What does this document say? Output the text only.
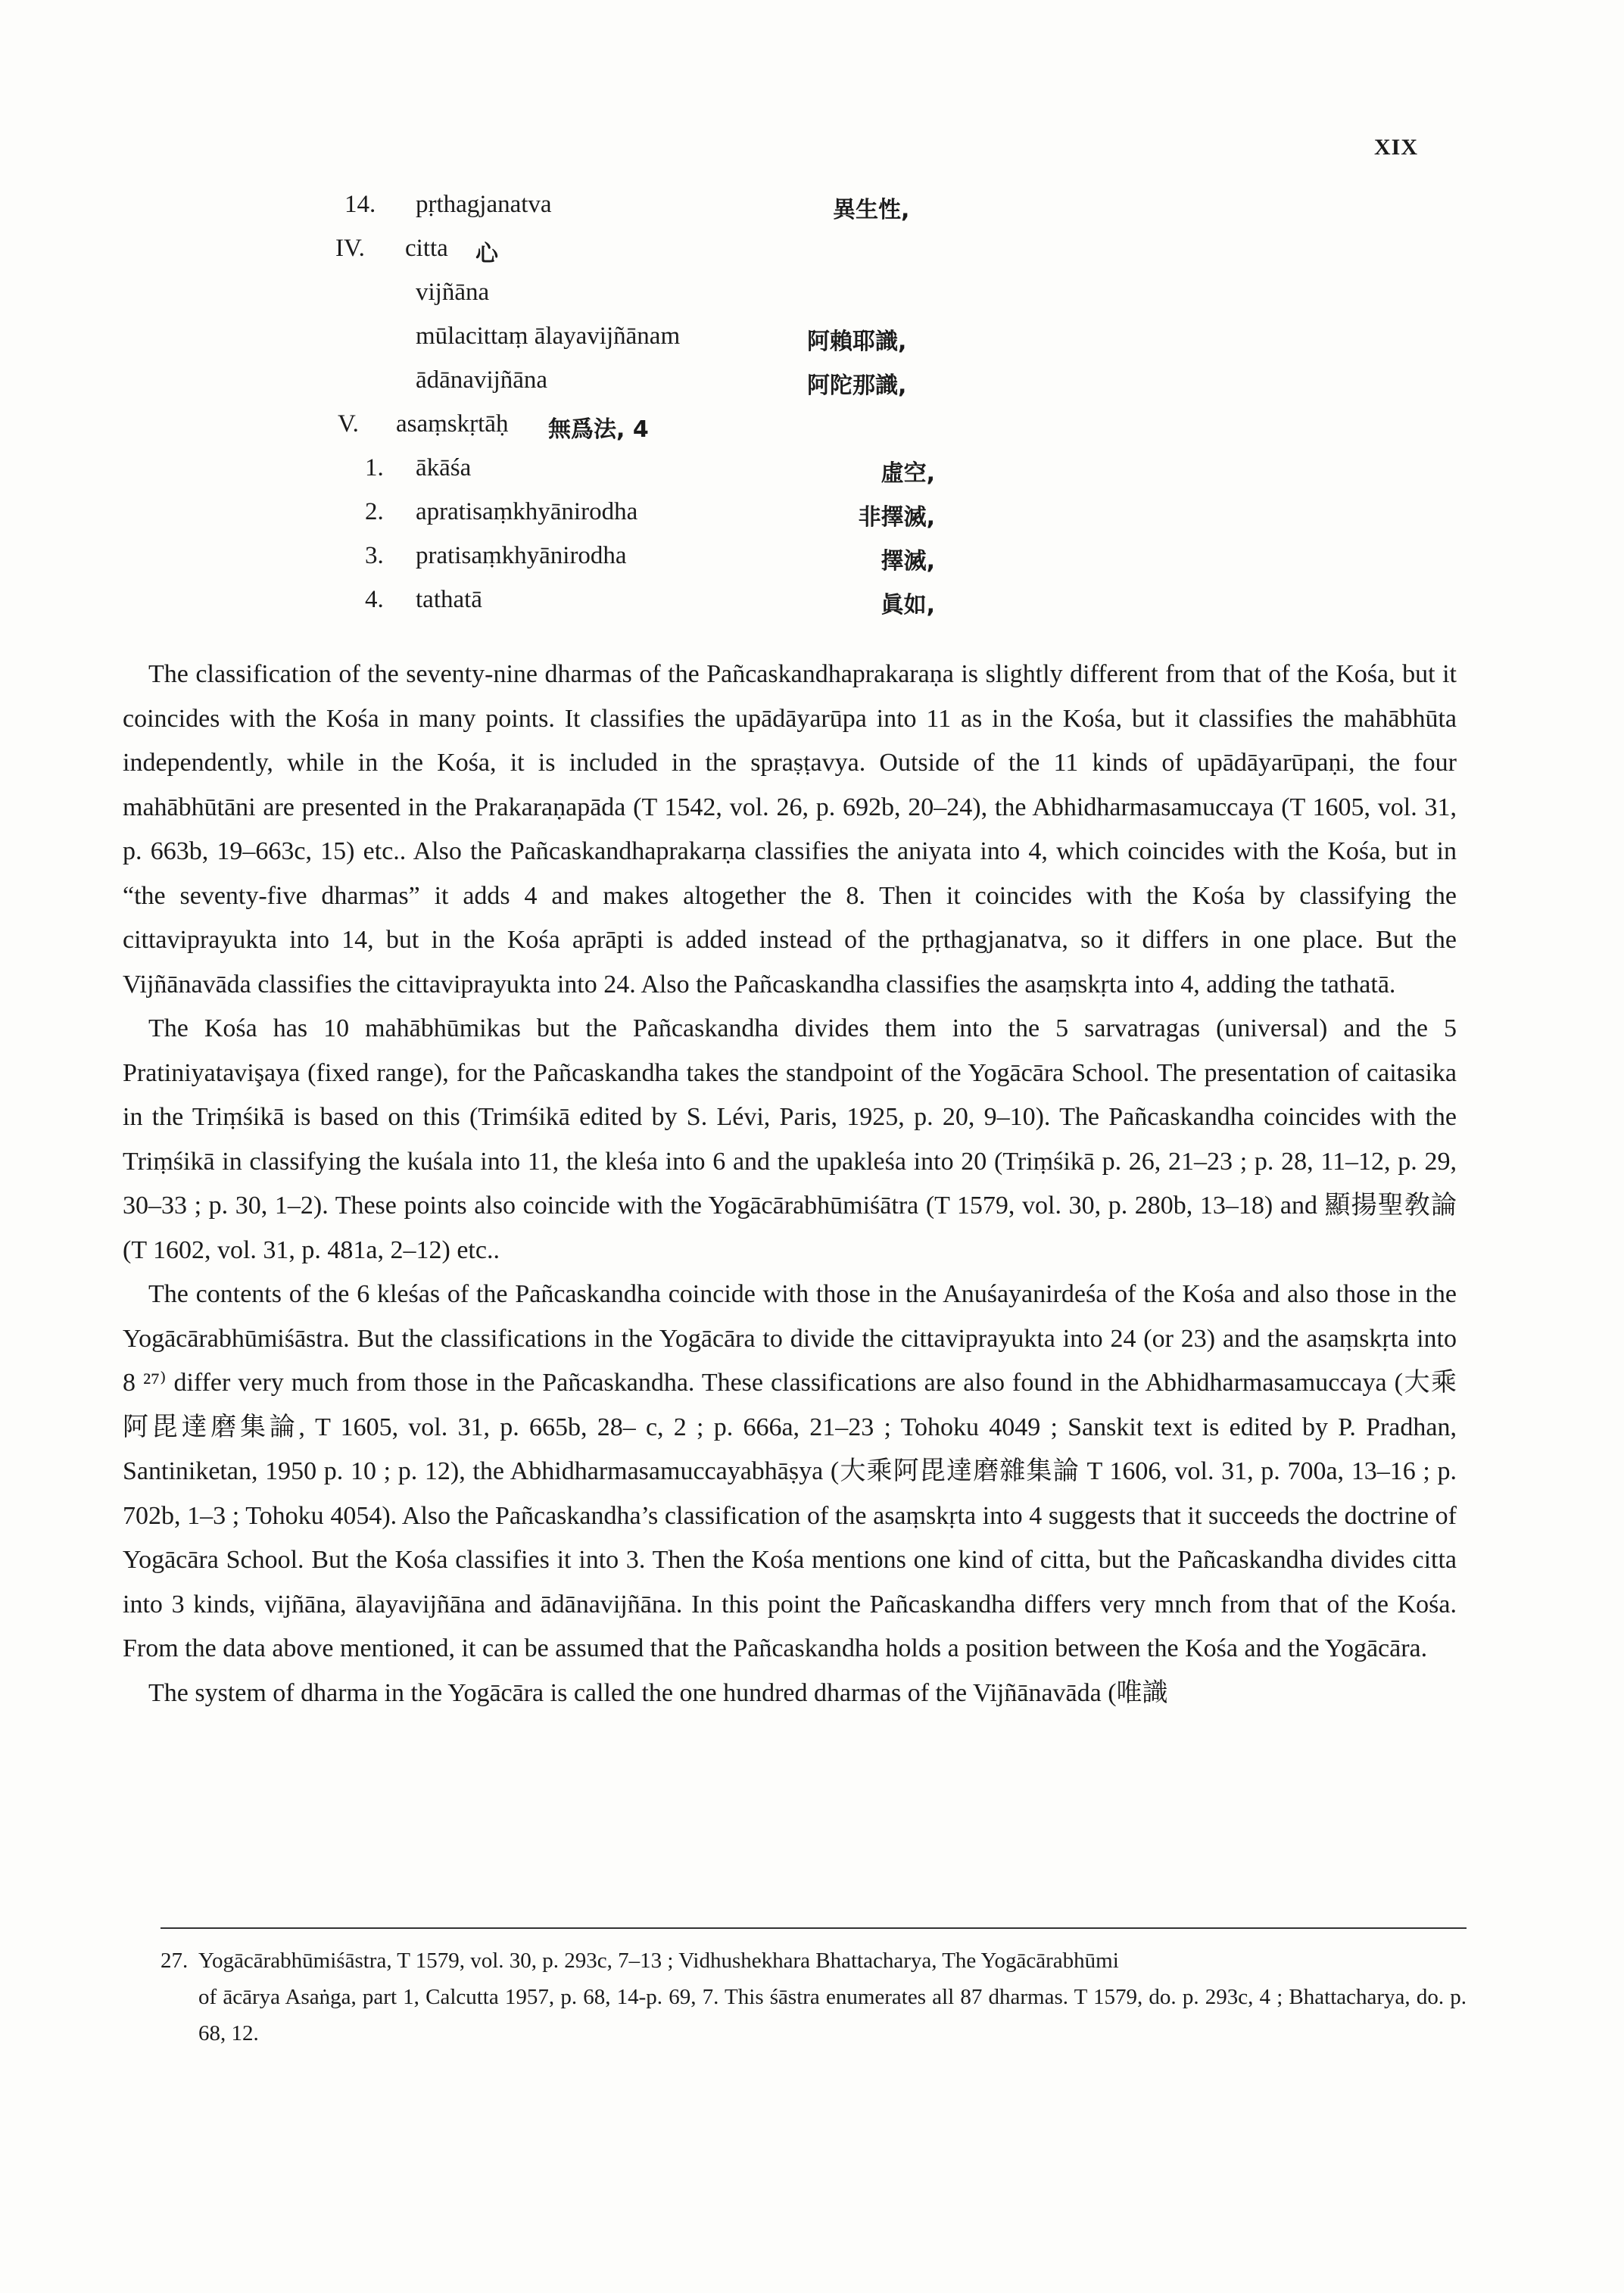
XIX
14. pṛthagjanatva	異生性,
IV. citta 心
vijñāna
mūlacittaṃ ālayavijñānam	阿賴耶識,
ādānavijñāna	阿陀那識,
V. asaṃskṛtāḥ 無爲法, 4
1. ākāśa	虛空,
2. apratisaṃkhyānirodha	非擇滅,
3. pratisaṃkhyānirodha	擇滅,
4. tathatā	眞如,

The classification of the seventy-nine dharmas of the Pañcaskandhaprakaraṇa is slightly different from that of the Kośa, but it coincides with the Kośa in many points. It classifies the upādāyarūpa into 11 as in the Kośa, but it classifies the mahābhūta independently, while in the Kośa, it is included in the spraṣṭavya. Outside of the 11 kinds of upādāyarūpaṇi, the four mahābhūtāni are presented in the Prakaraṇapāda (T 1542, vol. 26, p. 692b, 20–24), the Abhidharmasamuccaya (T 1605, vol. 31, p. 663b, 19–663c, 15) etc.. Also the Pañcaskandhaprakarṇa classifies the aniyata into 4, which coincides with the Kośa, but in “the seventy-five dharmas” it adds 4 and makes altogether the 8. Then it coincides with the Kośa by classifying the cittaviprayukta into 14, but in the Kośa aprāpti is added instead of the pṛthagjanatva, so it differs in one place. But the Vijñānavāda classifies the cittaviprayukta into 24. Also the Pañcaskandha classifies the asaṃskṛta into 4, adding the tathatā.

The Kośa has 10 mahābhūmikas but the Pañcaskandha divides them into the 5 sarvatragas (universal) and the 5 Pratiniyatavişaya (fixed range), for the Pañcaskandha takes the standpoint of the Yogācāra School. The presentation of caitasika in the Triṃśikā is based on this (Trimśikā edited by S. Lévi, Paris, 1925, p. 20, 9–10). The Pañcaskandha coincides with the Triṃśikā in classifying the kuśala into 11, the kleśa into 6 and the upakleśa into 20 (Triṃśikā p. 26, 21–23 ; p. 28, 11–12, p. 29, 30–33 ; p. 30, 1–2). These points also coincide with the Yogācārabhūmiśātra (T 1579, vol. 30, p. 280b, 13–18) and 顯揚聖敎論 (T 1602, vol. 31, p. 481a, 2–12) etc..

The contents of the 6 kleśas of the Pañcaskandha coincide with those in the Anuśayanirdeśa of the Kośa and also those in the Yogācārabhūmiśāstra. But the classifications in the Yogācāra to divide the cittaviprayukta into 24 (or 23) and the asaṃskṛta into 8 ²⁷⁾ differ very much from those in the Pañcaskandha. These classifications are also found in the Abhidharmasamuccaya (大乘阿毘達磨集論, T 1605, vol. 31, p. 665b, 28– c, 2 ; p. 666a, 21–23 ; Tohoku 4049 ; Sanskit text is edited by P. Pradhan, Santiniketan, 1950 p. 10 ; p. 12), the Abhidharmasamuccayabhāṣya (大乘阿毘達磨雜集論 T 1606, vol. 31, p. 700a, 13–16 ; p. 702b, 1–3 ; Tohoku 4054). Also the Pañcaskandha’s classification of the asaṃskṛta into 4 suggests that it succeeds the doctrine of Yogācāra School. But the Kośa classifies it into 3. Then the Kośa mentions one kind of citta, but the Pañcaskandha divides citta into 3 kinds, vijñāna, ālayavijñāna and ādānavijñāna. In this point the Pañcaskandha differs very mnch from that of the Kośa. From the data above mentioned, it can be assumed that the Pañcaskandha holds a position between the Kośa and the Yogācāra.

The system of dharma in the Yogācāra is called the one hundred dharmas of the Vijñānavāda (唯識

27. Yogācārabhūmiśāstra, T 1579, vol. 30, p. 293c, 7–13 ; Vidhushekhara Bhattacharya, The Yogācārabhūmi
of ācārya Asaṅga, part 1, Calcutta 1957, p. 68, 14-p. 69, 7. This śāstra enumerates all 87 dharmas. T 1579, do. p. 293c, 4 ; Bhattacharya, do. p. 68, 12.
